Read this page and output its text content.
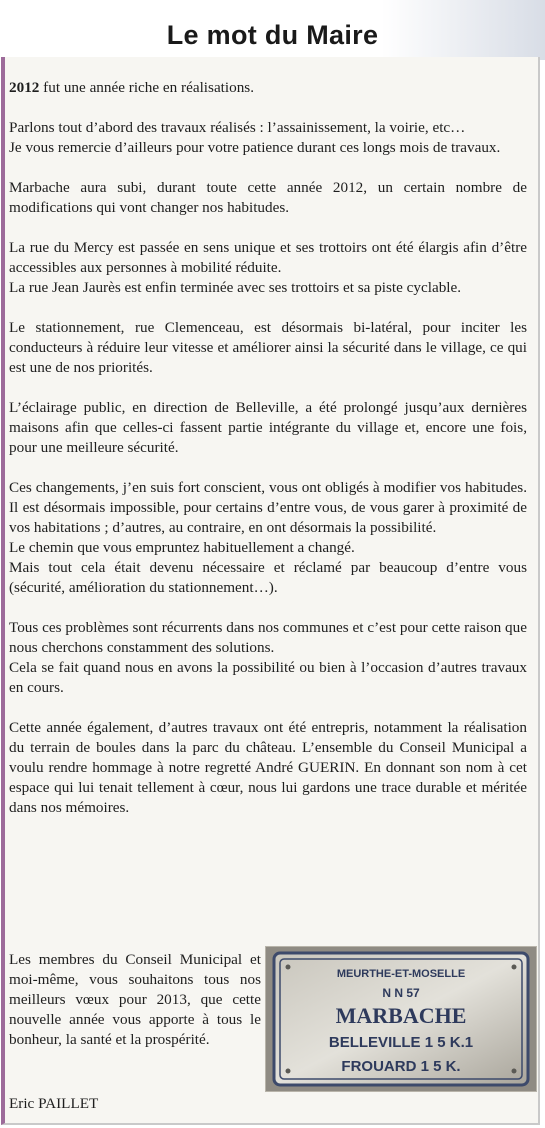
Le mot du Maire

2012 fut une année riche en réalisations.

Parlons tout d’abord des travaux réalisés : l’assainissement, la voirie, etc…
Je vous remercie d’ailleurs pour votre patience durant ces longs mois de travaux.

Marbache aura subi, durant toute cette année 2012, un certain nombre de modifications qui vont changer nos habitudes.

La rue du Mercy est passée en sens unique et ses trottoirs ont été élargis afin d’être accessibles aux personnes à mobilité réduite.
La rue Jean Jaurès est enfin terminée avec ses trottoirs et sa piste cyclable.

Le stationnement, rue Clemenceau, est désormais bi-latéral, pour inciter les conducteurs à réduire leur vitesse et améliorer ainsi la sécurité dans le village, ce qui est une de nos priorités.

L’éclairage public, en direction de Belleville, a été prolongé jusqu’aux dernières maisons afin que celles-ci fassent partie intégrante du village et, encore une fois, pour une meilleure sécurité.

Ces changements, j’en suis fort conscient, vous ont obligés à modifier vos habitudes. Il est désormais impossible, pour certains d’entre vous, de vous garer à proximité de vos habitations ; d’autres, au contraire, en ont désormais la possibilité.
Le chemin que vous empruntez habituellement a changé.
Mais tout cela était devenu nécessaire et réclamé par beaucoup d’entre vous (sécurité, amélioration du stationnement…).

Tous ces problèmes sont récurrents dans nos communes et c’est pour cette raison que nous cherchons constamment des solutions.
Cela se fait quand nous en avons la possibilité ou bien à l’occasion d’autres travaux en cours.

Cette année également, d’autres travaux ont été entrepris, notamment la réalisation du terrain de boules dans la parc du château. L’ensemble du Conseil Municipal a voulu rendre hommage à notre regretté André GUERIN. En donnant son nom à cet espace qui lui tenait tellement à cœur, nous lui gardons une trace durable et méritée dans nos mémoires.

Les membres du Conseil Municipal et moi-même, vous souhaitons tous nos meilleurs vœux pour 2013, que cette nouvelle année vous apporte à tous le bonheur, la santé et la prospérité.

MEURTHE-ET-MOSELLE
N N 57
MARBACHE
BELLEVILLE 1 5 K.1
FROUARD 1 5 K.

Eric PAILLET
